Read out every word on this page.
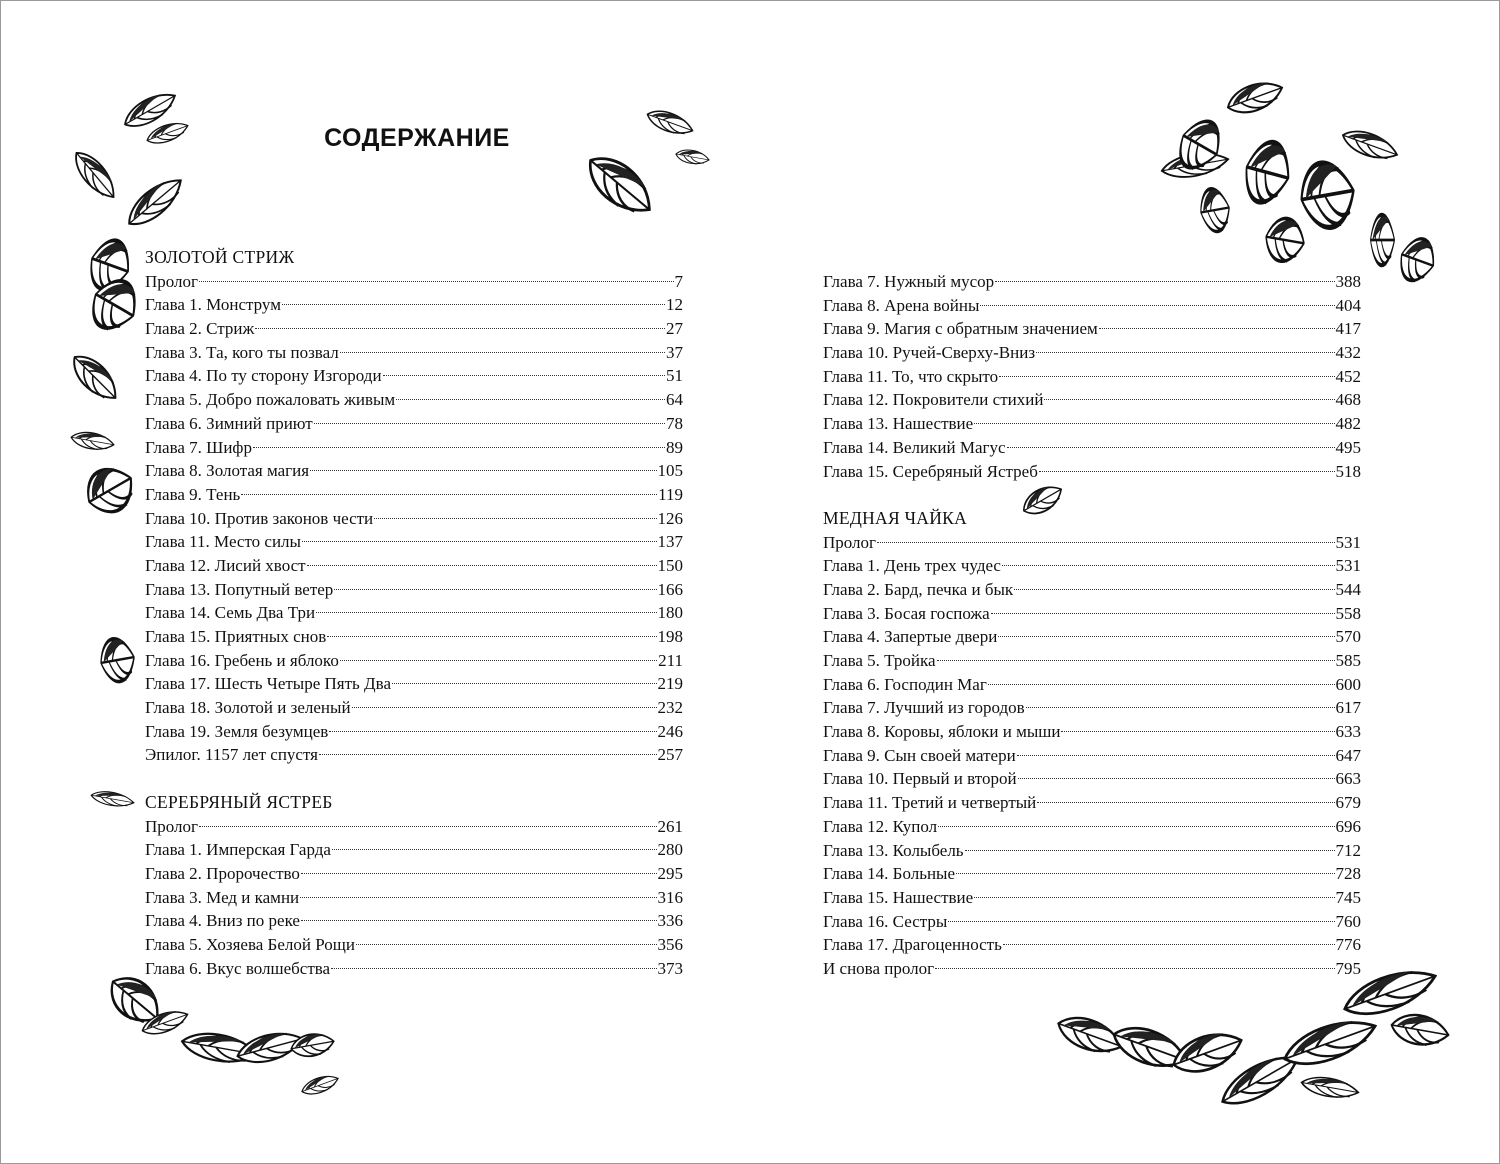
СОДЕРЖАНИЕ
ЗОЛОТОЙ СТРИЖ
Пролог	7
Глава 1. Монструм	12
Глава 2. Стриж	27
Глава 3. Та, кого ты позвал	37
Глава 4. По ту сторону Изгороди	51
Глава 5. Добро пожаловать живым	64
Глава 6. Зимний приют	78
Глава 7. Шифр	89
Глава 8. Золотая магия	105
Глава 9. Тень	119
Глава 10. Против законов чести	126
Глава 11. Место силы	137
Глава 12. Лисий хвост	150
Глава 13. Попутный ветер	166
Глава 14. Семь Два Три	180
Глава 15. Приятных снов	198
Глава 16. Гребень и яблоко	211
Глава 17. Шесть Четыре Пять Два	219
Глава 18. Золотой и зеленый	232
Глава 19. Земля безумцев	246
Эпилог. 1157 лет спустя	257
СЕРЕБРЯНЫЙ ЯСТРЕБ
Пролог	261
Глава 1. Имперская Гарда	280
Глава 2. Пророчество	295
Глава 3. Мед и камни	316
Глава 4. Вниз по реке	336
Глава 5. Хозяева Белой Рощи	356
Глава 6. Вкус волшебства	373
Глава 7. Нужный мусор	388
Глава 8. Арена войны	404
Глава 9. Магия с обратным значением	417
Глава 10. Ручей-Сверху-Вниз	432
Глава 11. То, что скрыто	452
Глава 12. Покровители стихий	468
Глава 13. Нашествие	482
Глава 14. Великий Магус	495
Глава 15. Серебряный Ястреб	518
МЕДНАЯ ЧАЙКА
Пролог	531
Глава 1. День трех чудес	531
Глава 2. Бард, печка и бык	544
Глава 3. Босая госпожа	558
Глава 4. Запертые двери	570
Глава 5. Тройка	585
Глава 6. Господин Маг	600
Глава 7. Лучший из городов	617
Глава 8. Коровы, яблоки и мыши	633
Глава 9. Сын своей матери	647
Глава 10. Первый и второй	663
Глава 11. Третий и четвертый	679
Глава 12. Купол	696
Глава 13. Колыбель	712
Глава 14. Больные	728
Глава 15. Нашествие	745
Глава 16. Сестры	760
Глава 17. Драгоценность	776
И снова пролог	795
